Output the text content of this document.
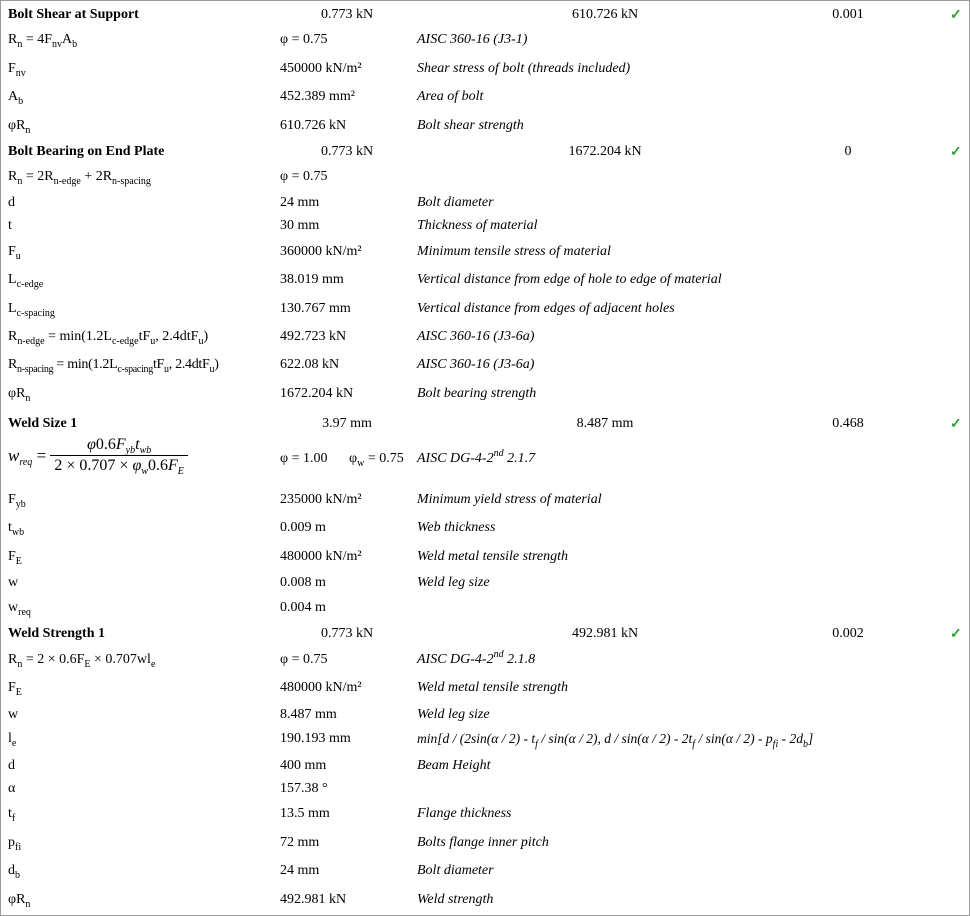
Bolt Shear at Support	0.773 kN	610.726 kN	0.001	✓
$R_n = 4F_{nv}A_b$	φ = 0.75	AISC 360-16 (J3-1)
$F_{nv}$	450000 kN/m²	Shear stress of bolt (threads included)
$A_b$	452.389 mm²	Area of bolt
$\varphi R_n$	610.726 kN	Bolt shear strength
Bolt Bearing on End Plate	0.773 kN	1672.204 kN	0	✓
$R_n = 2R_{n-edge} + 2R_{n-spacing}$	φ = 0.75
d	24 mm	Bolt diameter
t	30 mm	Thickness of material
$F_u$	360000 kN/m²	Minimum tensile stress of material
$L_{c-edge}$	38.019 mm	Vertical distance from edge of hole to edge of material
$L_{c-spacing}$	130.767 mm	Vertical distance from edges of adjacent holes
$R_{n-edge} = \min(1.2L_{c-edge}tF_u$, 2.4dtF$_u$)	492.723 kN	AISC 360-16 (J3-6a)
$R_{n-spacing} = \min(1.2L_{c-spacing}tF_u$, 2.4dtF$_u$)	622.08 kN	AISC 360-16 (J3-6a)
$\varphi R_n$	1672.204 kN	Bolt bearing strength
Weld Size 1	3.97 mm	8.487 mm	0.468	✓
$w_{req} = \frac{\varphi 0.6F_{yb}t_{wb}}{2 \times 0.707 \times \varphi_w0.6F_E}$	φ = 1.00 $\varphi_w = 0.75$ AISC DG-4-2nd 2.1.7
$F_{yb}$	235000 kN/m²	Minimum yield stress of material
$t_{wb}$	0.009 m	Web thickness
$F_E$	480000 kN/m²	Weld metal tensile strength
w	0.008 m	Weld leg size
$w_{req}$	0.004 m
Weld Strength 1	0.773 kN	492.981 kN	0.002	✓
$R_n = 2 \times 0.6F_E \times 0.707wl_e$	φ = 0.75	AISC DG-4-2nd 2.1.8
$F_E$	480000 kN/m²	Weld metal tensile strength
w	8.487 mm	Weld leg size
$l_e$	190.193 mm	$\min[d / (2\sin(\alpha / 2) - t_f / \sin(\alpha / 2)$, d / $\sin(\alpha / 2) - 2t_f / \sin(\alpha / 2) - p_{fi} - 2d_b$]
d	400 mm	Beam Height
α	157.38 °
$t_f$	13.5 mm	Flange thickness
$p_{fi}$	72 mm	Bolts flange inner pitch
$d_b$	24 mm	Bolt diameter
$\varphi R_n$	492.981 kN	Weld strength
